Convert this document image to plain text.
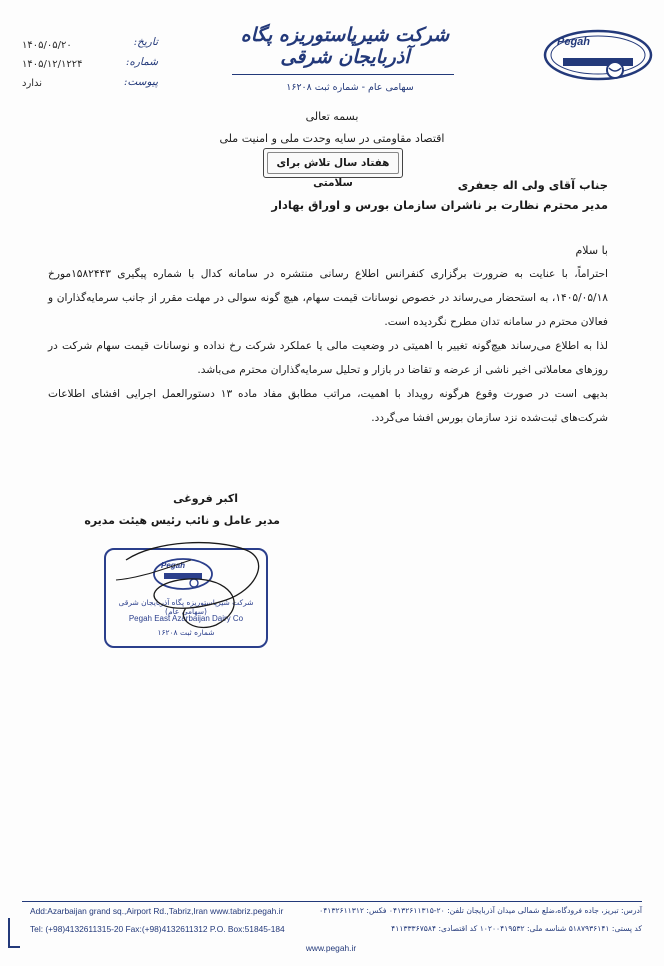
Pegah
شرکت شیرپاستوریزه پگاه آذربایجان شرقی
سهامی عام - شماره ثبت ۱۶۲۰۸
تاریخ:
شماره:
پیوست:
۱۴۰۵/۰۵/۲۰
۱۴۰۵/۱۲/۱۲۲۴
ندارد
بسمه تعالی
اقتصاد مقاومتی در سایه وحدت ملی و امنیت ملی
هفتاد سال تلاش برای سلامتی	جناب آقای ولی اله جعفری
مدیر محترم نظارت بر ناشران سازمان بورس و اوراق بهادار
با سلام
احتراماً، با عنایت به ضرورت برگزاری کنفرانس اطلاع رسانی منتشره در سامانه کدال با شماره پیگیری ۱۵۸۲۴۴۳مورخ ۱۴۰۵/۰۵/۱۸، به استحضار می‌رساند در خصوص نوسانات قیمت سهام، هیچ گونه سوالی در مهلت مقرر از جانب سرمایه‌گذاران و فعالان محترم در سامانه تدان مطرح نگردیده است.
لذا به اطلاع می‌رساند هیچ‌گونه تغییر با اهمیتی در وضعیت مالی یا عملکرد شرکت رخ نداده و نوسانات قیمت سهام شرکت در روزهای معاملاتی اخیر ناشی از عرضه و تقاضا در بازار و تحلیل سرمایه‌گذاران محترم می‌باشد.
بدیهی است در صورت وقوع هرگونه رویداد با اهمیت، مراتب مطابق مفاد ماده ۱۳ دستورالعمل اجرایی افشای اطلاعات شرکت‌های ثبت‌شده نزد سازمان بورس افشا می‌گردد.
اکبر فروغی
مدیر عامل و نائب رئیس هیئت مدیره
Pegah
شرکت شیرپاستوریزه پگاه آذربایجان شرقی (سهامی عام)
Pegah East Azarbaijan Dairy Co
شماره ثبت ۱۶۲۰۸
Add:Azarbaijan grand sq.,Airport Rd.,Tabriz,Iran www.tabriz.pegah.ir
Tel: (+98)4132611315-20 Fax:(+98)4132611312 P.O. Box:51845-184
آدرس: تبریز، جاده فرودگاه،ضلع شمالی میدان آذربایجان تلفن: ۲۰-۰۴۱۳۲۶۱۱۳۱۵ فکس: ۰۴۱۳۲۶۱۱۳۱۲
کد پستی: ۵۱۸۷۹۳۶۱۴۱ شناسه ملی: ۱۰۲۰۰۴۱۹۵۳۲ کد اقتصادی: ۴۱۱۳۳۳۶۷۵۸۴
www.pegah.ir
